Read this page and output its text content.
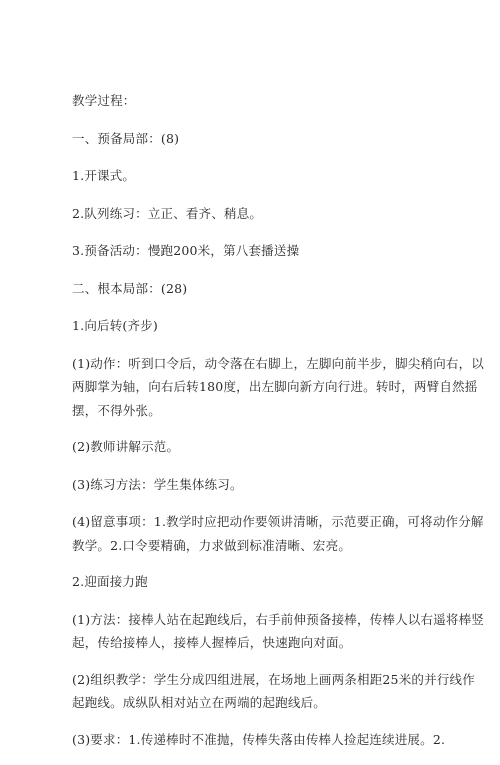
教学过程：

一、预备局部：(8)

1.开课式。

2.队列练习：立正、看齐、稍息。

3.预备活动：慢跑200米，第八套播送操

二、根本局部：(28)

1.向后转(齐步)

(1)动作：听到口令后，动令落在右脚上，左脚向前半步，脚尖稍向右，以两脚掌为轴，向右后转180度，出左脚向新方向行进。转时，两臂自然摇摆，不得外张。

(2)教师讲解示范。

(3)练习方法：学生集体练习。

(4)留意事项：1.教学时应把动作要领讲清晰，示范要正确，可将动作分解教学。2.口令要精确，力求做到标准清晰、宏亮。

2.迎面接力跑

(1)方法：接棒人站在起跑线后，右手前伸预备接棒，传棒人以右遥将棒竖起，传给接棒人，接棒人握棒后，快速跑向对面。

(2)组织教学：学生分成四组进展，在场地上画两条相距25米的并行线作起跑线。成纵队相对站立在两端的起跑线后。

(3)要求：1.传递棒时不准抛，传棒失落由传棒人捡起连续进展。2.
